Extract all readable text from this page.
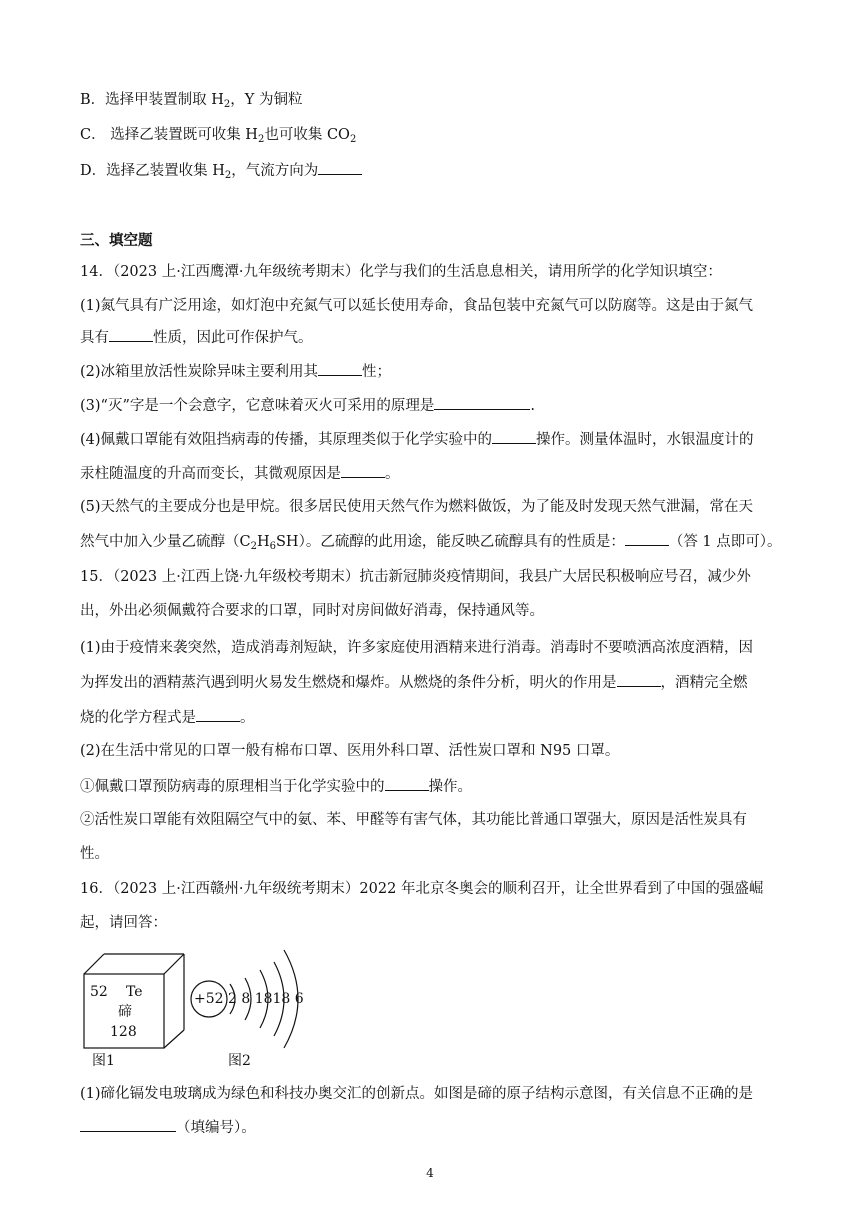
B．选择甲装置制取 $H_2$，Y 为铜粒
C． 选择乙装置既可收集 $H_2$也可收集 $CO_2$
D．选择乙装置收集 $H_2$，气流方向为
三、填空题
14．（2023 上·江西鹰潭·九年级统考期末）化学与我们的生活息息相关，请用所学的化学知识填空：
(1)氮气具有广泛用途，如灯泡中充氮气可以延长使用寿命，食品包装中充氮气可以防腐等。这是由于氮气
具有	性质，因此可作保护气。
(2)冰箱里放活性炭除异味主要利用其	性；
(3)“灭”字是一个会意字，它意味着灭火可采用的原理是	.
(4)佩戴口罩能有效阻挡病毒的传播，其原理类似于化学实验中的	操作。测量体温时，水银温度计的
汞柱随温度的升高而变长，其微观原因是	。
(5)天然气的主要成分也是甲烷。很多居民使用天然气作为燃料做饭，为了能及时发现天然气泄漏，常在天
然气中加入少量乙硫醇$(C_2H_6SH)$。乙硫醇的此用途，能反映乙硫醇具有的性质是：	（答 1 点即可）。
15．（2023 上·江西上饶·九年级校考期末）抗击新冠肺炎疫情期间，我县广大居民积极响应号召，减少外
出，外出必须佩戴符合要求的口罩，同时对房间做好消毒，保持通风等。
(1)由于疫情来袭突然，造成消毒剂短缺，许多家庭使用酒精来进行消毒。消毒时不要喷洒高浓度酒精，因
为挥发出的酒精蒸汽遇到明火易发生燃烧和爆炸。从燃烧的条件分析，明火的作用是	，酒精完全燃
烧的化学方程式是	。
(2)在生活中常见的口罩一般有棉布口罩、医用外科口罩、活性炭口罩和 N95 口罩。
①佩戴口罩预防病毒的原理相当于化学实验中的	操作。
②活性炭口罩能有效阻隔空气中的氨、苯、甲醛等有害气体，其功能比普通口罩强大，原因是活性炭具有
性。
16．（2023 上·江西赣州·九年级统考期末）2022 年北京冬奥会的顺利召开，让全世界看到了中国的强盛崛
起，请回答：
52 Te
碲
128
+52 2 8 1818 6
图1	图2
(1)碲化镉发电玻璃成为绿色和科技办奥交汇的创新点。如图是碲的原子结构示意图，有关信息不正确的是
（填编号）。
4
